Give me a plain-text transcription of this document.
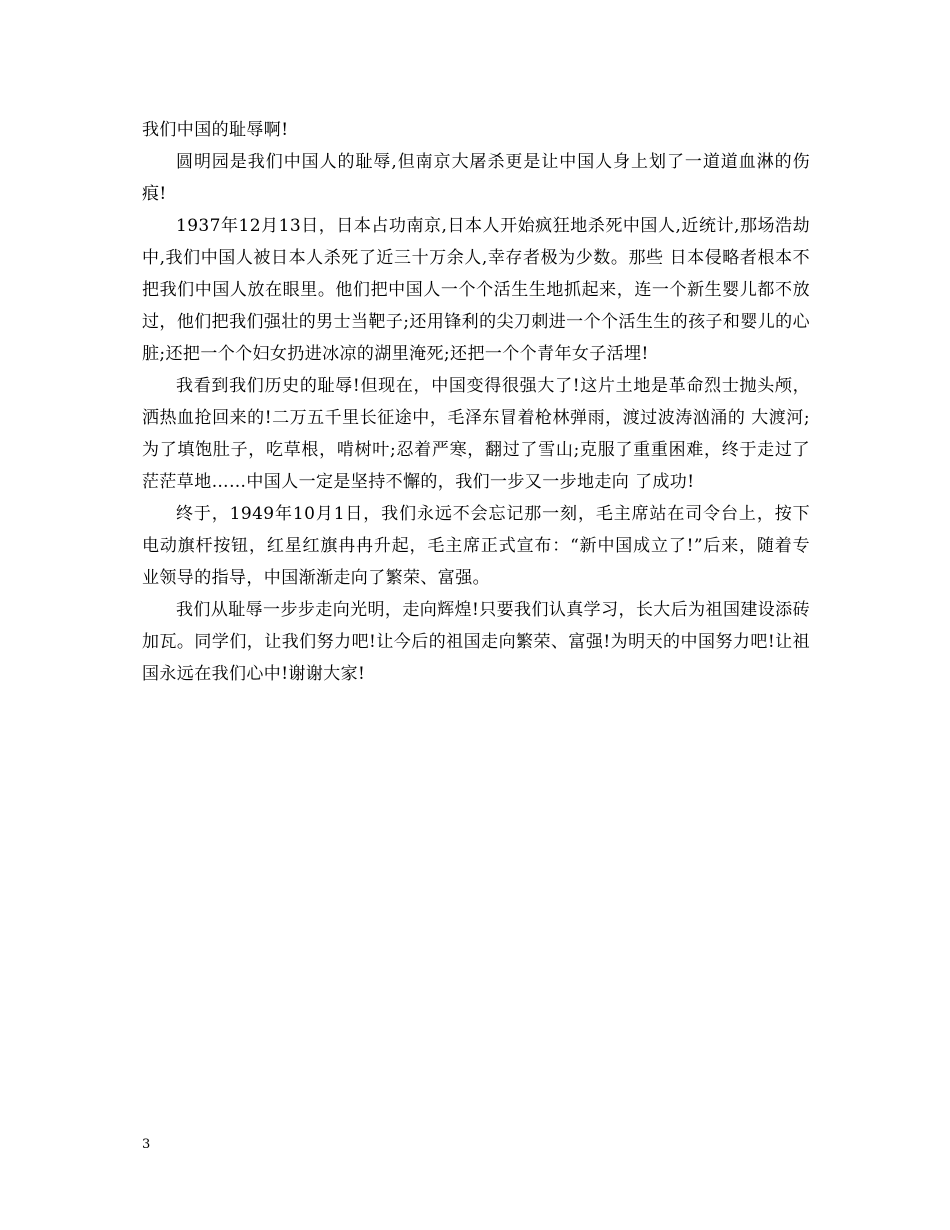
我们中国的耻辱啊!

圆明园是我们中国人的耻辱,但南京大屠杀更是让中国人身上划了一道道血淋的伤痕!

1937年12月13日，日本占功南京,日本人开始疯狂地杀死中国人,近统计,那场浩劫中,我们中国人被日本人杀死了近三十万余人,幸存者极为少数。那些 日本侵略者根本不把我们中国人放在眼里。他们把中国人一个个活生生地抓起来，连一个新生婴儿都不放过，他们把我们强壮的男士当靶子;还用锋利的尖刀刺进一个个活生生的孩子和婴儿的心脏;还把一个个妇女扔进冰凉的湖里淹死;还把一个个青年女子活埋!

我看到我们历史的耻辱!但现在，中国变得很强大了!这片土地是革命烈士抛头颅，洒热血抢回来的!二万五千里长征途中，毛泽东冒着枪林弹雨，渡过波涛汹涌的 大渡河;为了填饱肚子，吃草根，啃树叶;忍着严寒，翻过了雪山;克服了重重困难，终于走过了茫茫草地……中国人一定是坚持不懈的，我们一步又一步地走向 了成功!

终于，1949年10月1日，我们永远不会忘记那一刻，毛主席站在司令台上，按下电动旗杆按钮，红星红旗冉冉升起，毛主席正式宣布：“新中国成立了!”后来，随着专业领导的指导，中国渐渐走向了繁荣、富强。

我们从耻辱一步步走向光明，走向辉煌!只要我们认真学习，长大后为祖国建设添砖加瓦。同学们，让我们努力吧!让今后的祖国走向繁荣、富强!为明天的中国努力吧!让祖国永远在我们心中!谢谢大家!

3
